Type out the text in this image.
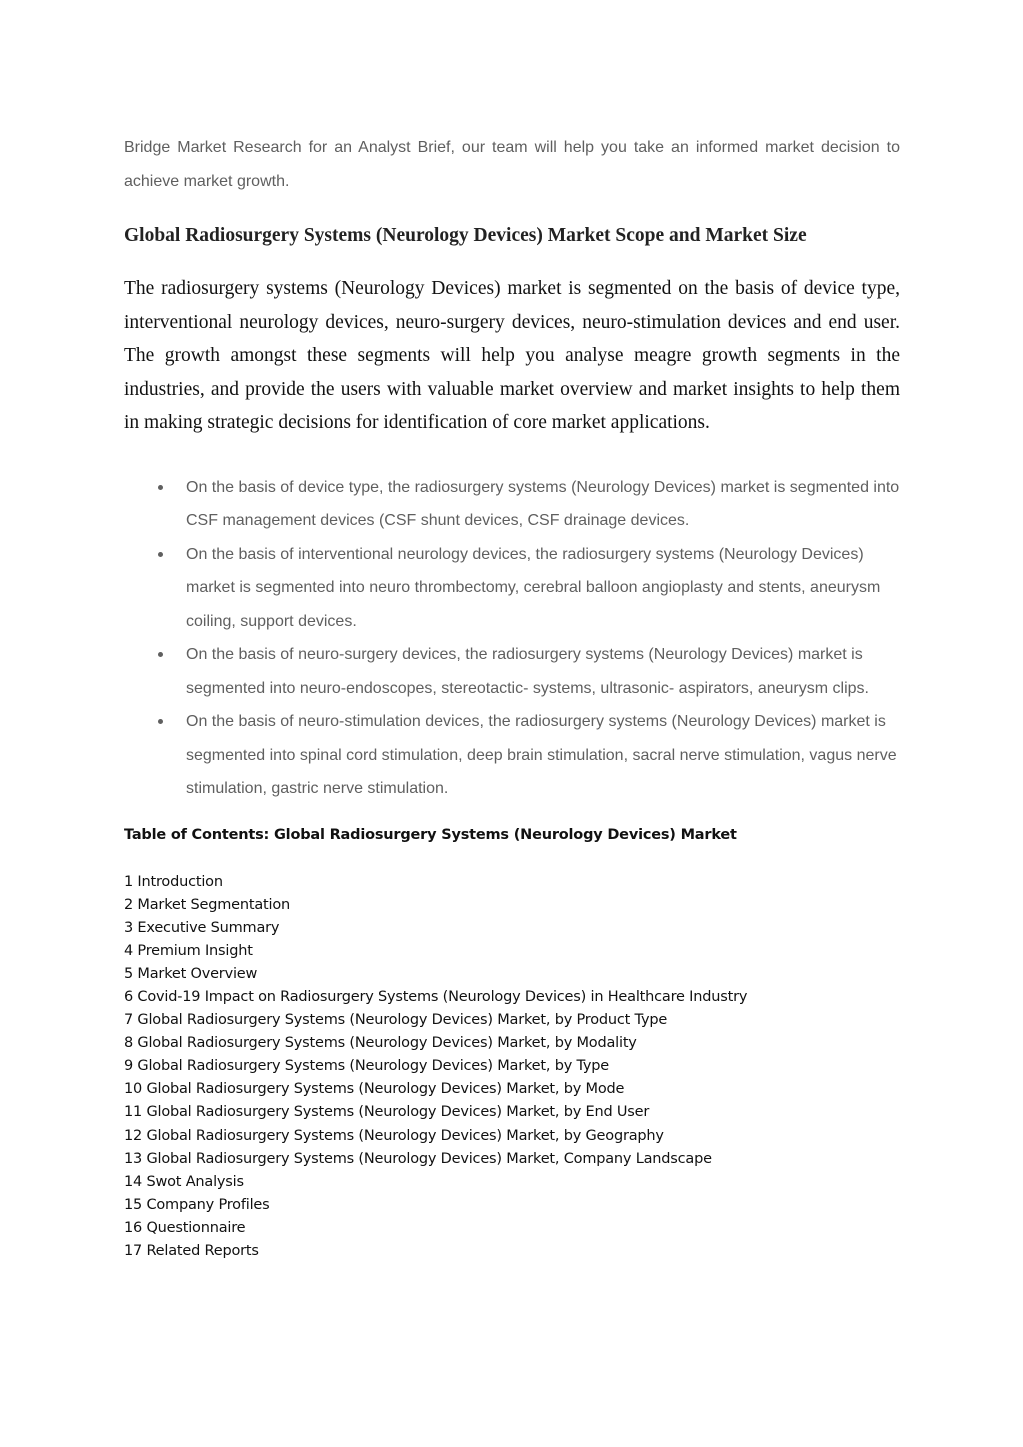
Bridge Market Research for an Analyst Brief, our team will help you take an informed market decision to achieve market growth.

Global Radiosurgery Systems (Neurology Devices) Market Scope and Market Size

The radiosurgery systems (Neurology Devices) market is segmented on the basis of device type, interventional neurology devices, neuro-surgery devices, neuro-stimulation devices and end user. The growth amongst these segments will help you analyse meagre growth segments in the industries, and provide the users with valuable market overview and market insights to help them in making strategic decisions for identification of core market applications.

On the basis of device type, the radiosurgery systems (Neurology Devices) market is segmented into CSF management devices (CSF shunt devices, CSF drainage devices.
On the basis of interventional neurology devices, the radiosurgery systems (Neurology Devices) market is segmented into neuro thrombectomy, cerebral balloon angioplasty and stents, aneurysm coiling, support devices.
On the basis of neuro-surgery devices, the radiosurgery systems (Neurology Devices) market is segmented into neuro-endoscopes, stereotactic- systems, ultrasonic- aspirators, aneurysm clips.
On the basis of neuro-stimulation devices, the radiosurgery systems (Neurology Devices) market is segmented into spinal cord stimulation, deep brain stimulation, sacral nerve stimulation, vagus nerve stimulation, gastric nerve stimulation.
Table of Contents: Global Radiosurgery Systems (Neurology Devices) Market
1 Introduction
2 Market Segmentation
3 Executive Summary
4 Premium Insight
5 Market Overview
6 Covid-19 Impact on Radiosurgery Systems (Neurology Devices) in Healthcare Industry
7 Global Radiosurgery Systems (Neurology Devices) Market, by Product Type
8 Global Radiosurgery Systems (Neurology Devices) Market, by Modality
9 Global Radiosurgery Systems (Neurology Devices) Market, by Type
10 Global Radiosurgery Systems (Neurology Devices) Market, by Mode
11 Global Radiosurgery Systems (Neurology Devices) Market, by End User
12 Global Radiosurgery Systems (Neurology Devices) Market, by Geography
13 Global Radiosurgery Systems (Neurology Devices) Market, Company Landscape
14 Swot Analysis
15 Company Profiles
16 Questionnaire
17 Related Reports
